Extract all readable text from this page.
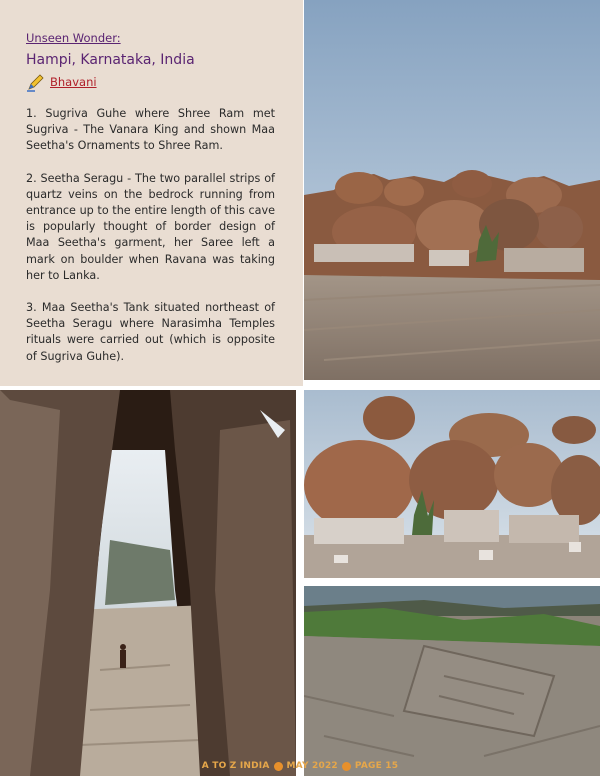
Unseen Wonder:
Hampi, Karnataka, India
Bhavani

1. Sugriva Guhe where Shree Ram met Sugriva - The Vanara King and shown Maa Seetha's Ornaments to Shree Ram.

2. Seetha Seragu - The two parallel strips of quartz veins on the bedrock running from entrance up to the entire length of this cave is popularly thought of border design of Maa Seetha's garment, her Saree left a mark on boulder when Ravana was taking her to Lanka.

3. Maa Seetha's Tank situated northeast of Seetha Seragu where Narasimha Temples rituals were carried out (which is opposite of Sugriva Guhe).

A TO Z INDIA MAY 2022 PAGE 15
